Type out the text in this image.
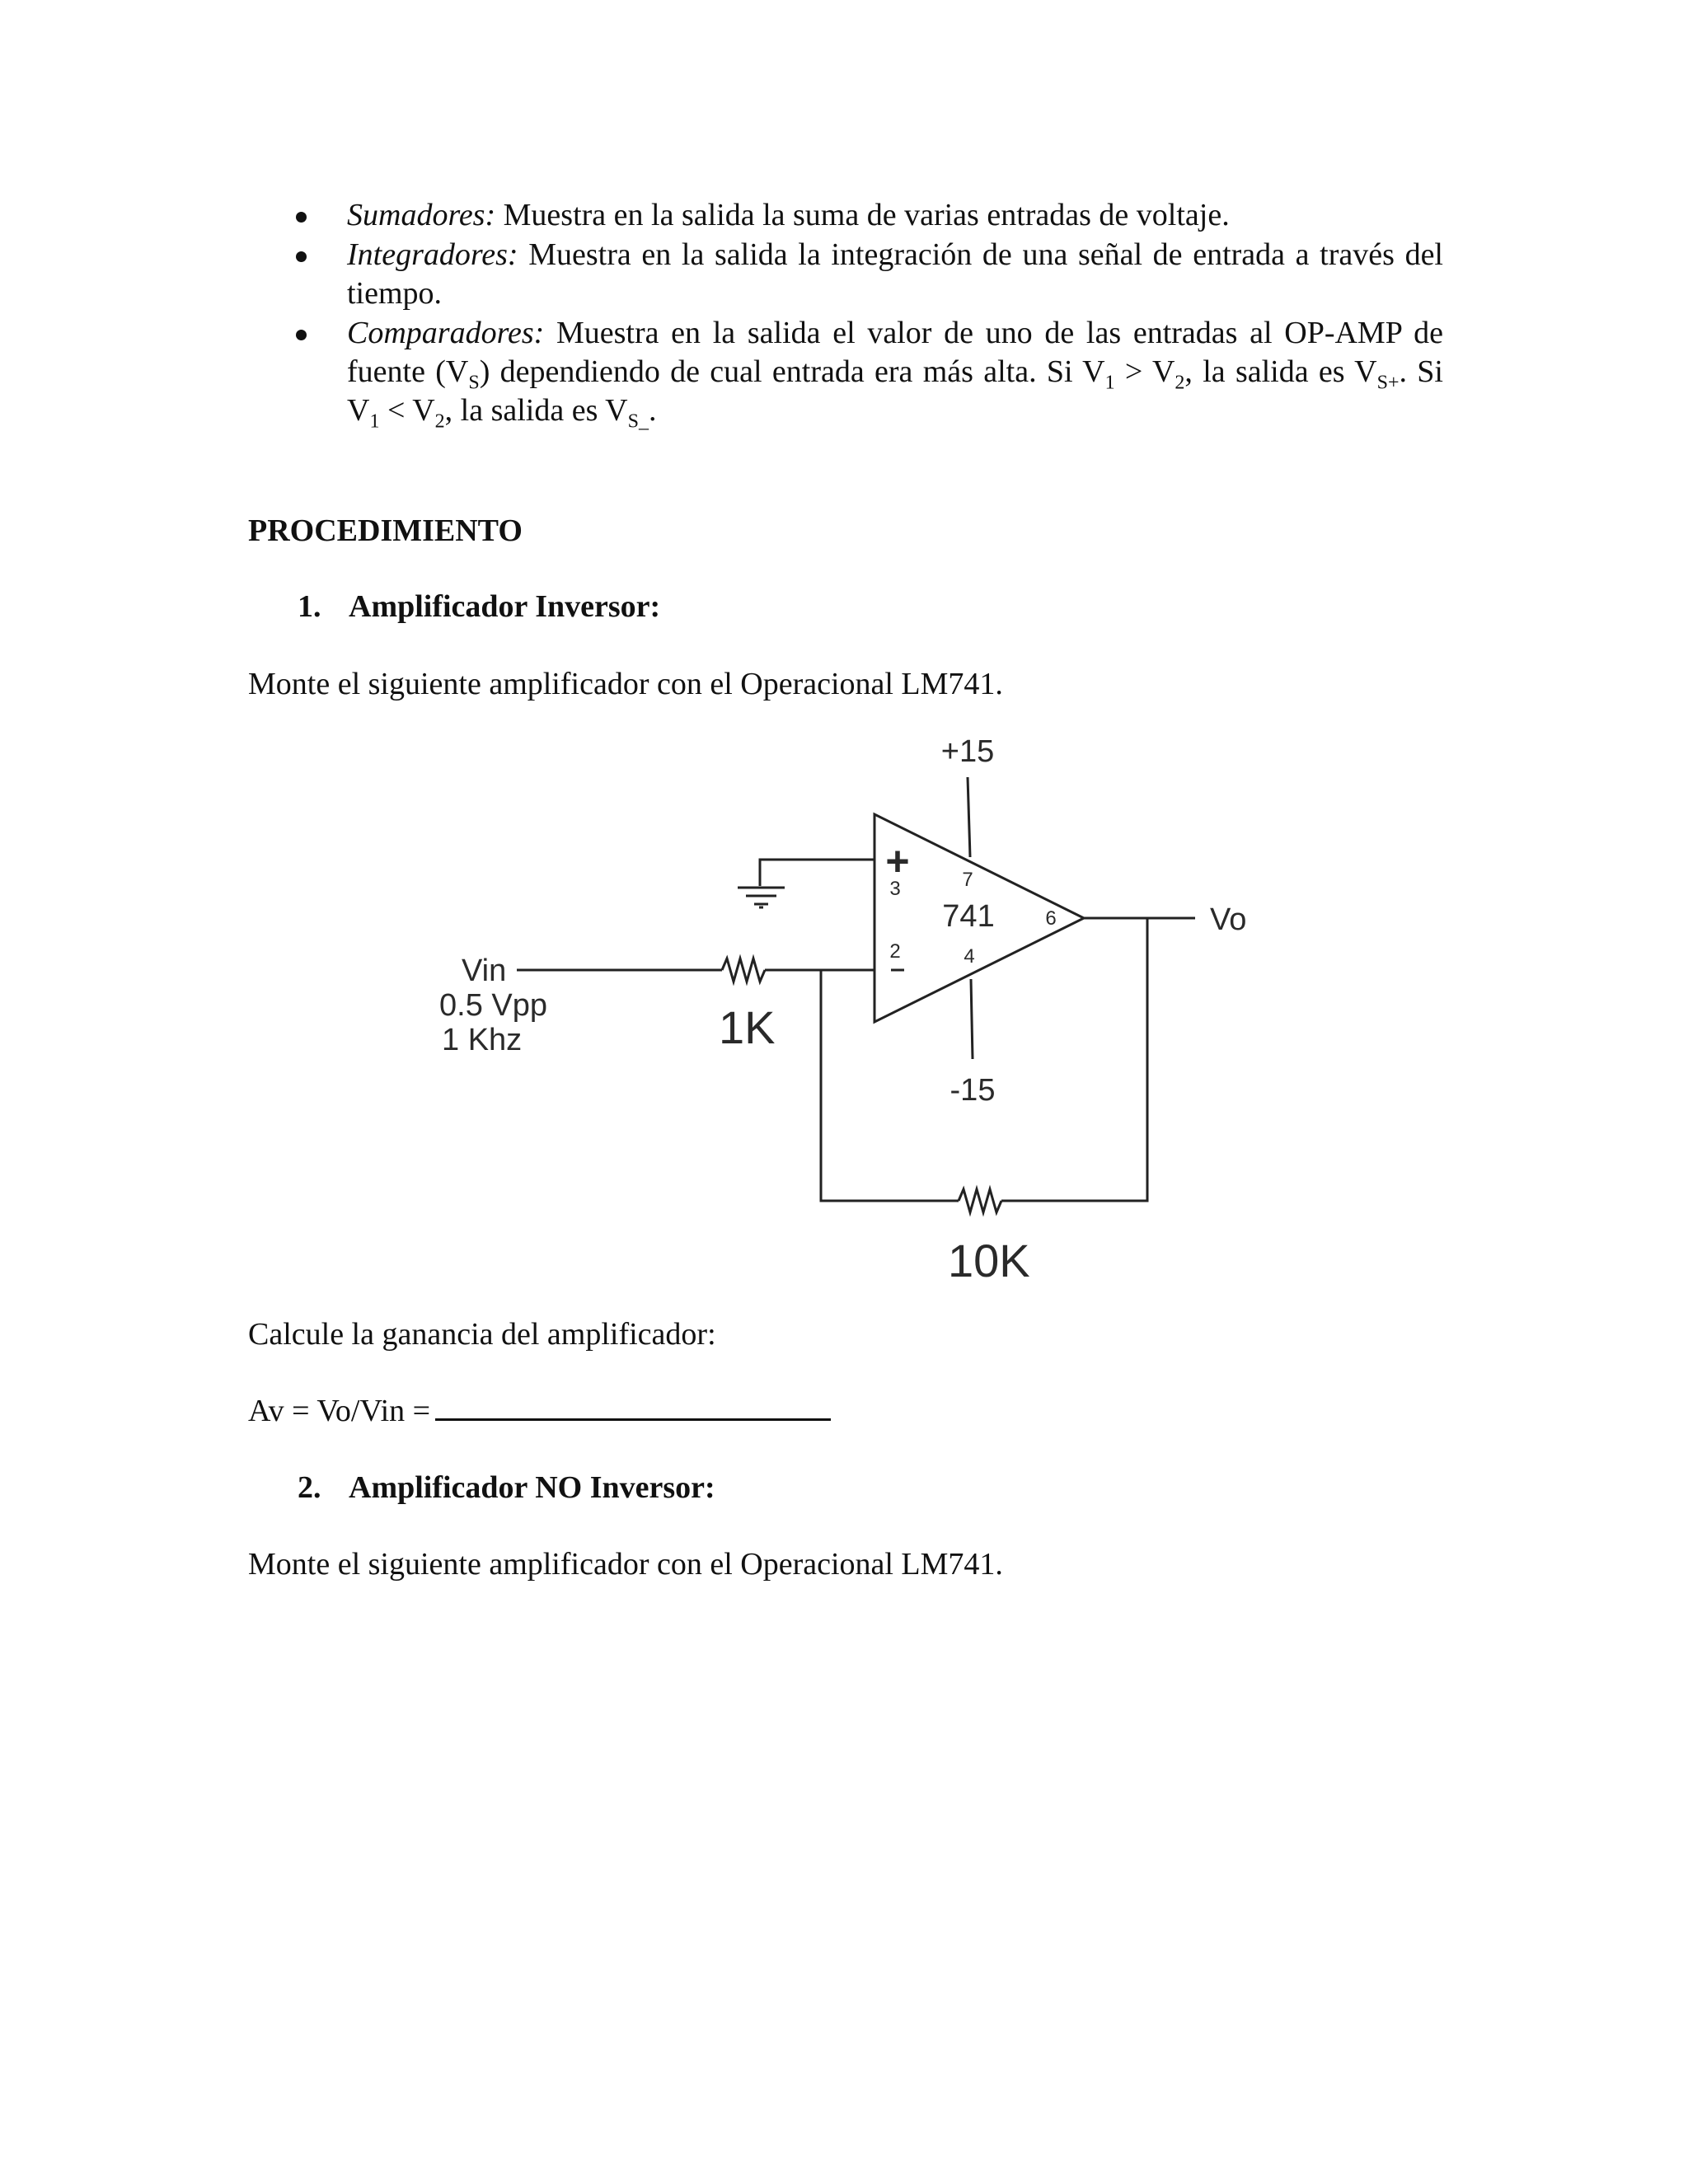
Sumadores: Muestra en la salida la suma de varias entradas de voltaje.
Integradores: Muestra en la salida la integración de una señal de entrada a través del tiempo.
Comparadores: Muestra en la salida el valor de uno de las entradas al OP-AMP de fuente $(V_S)$ dependiendo de cual entrada era más alta. Si $V_1 > V_2$, la salida es $V_{S+}$. Si $V_1 < V_2$, la salida es $V_{S\_}$.
PROCEDIMIENTO
1. Amplificador Inversor:
Monte el siguiente amplificador con el Operacional LM741.
+15
-15
741
+
3
2
7
4
6	Vo
Vin
0.5 Vpp
1 Khz	1K
10K
Calcule la ganancia del amplificador:
Av = Vo/Vin =
2. Amplificador NO Inversor:
Monte el siguiente amplificador con el Operacional LM741.
